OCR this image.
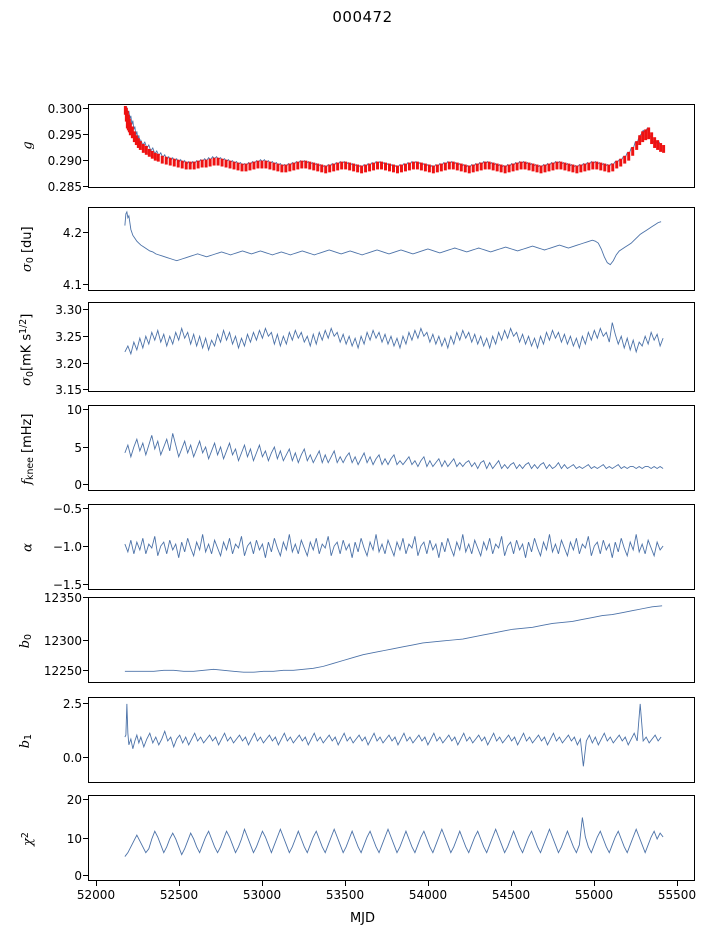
000472
g
0.285
0.290
0.295
0.300
$\sigma_0$ [du]
4.1
4.2
$\sigma_0[mK$ $s^{1/2}$]
3.15
3.20
3.25
3.30
$f_{knee}$ [mHz]
0
5
10
α
−1.5
−1.0
−0.5
$b_0$
12250
12300
12350
$b_1$
0.0
2.5
$\chi^2$
0
10
20
52000	52500	53000	53500	54000	54500	55000	55500
MJD
